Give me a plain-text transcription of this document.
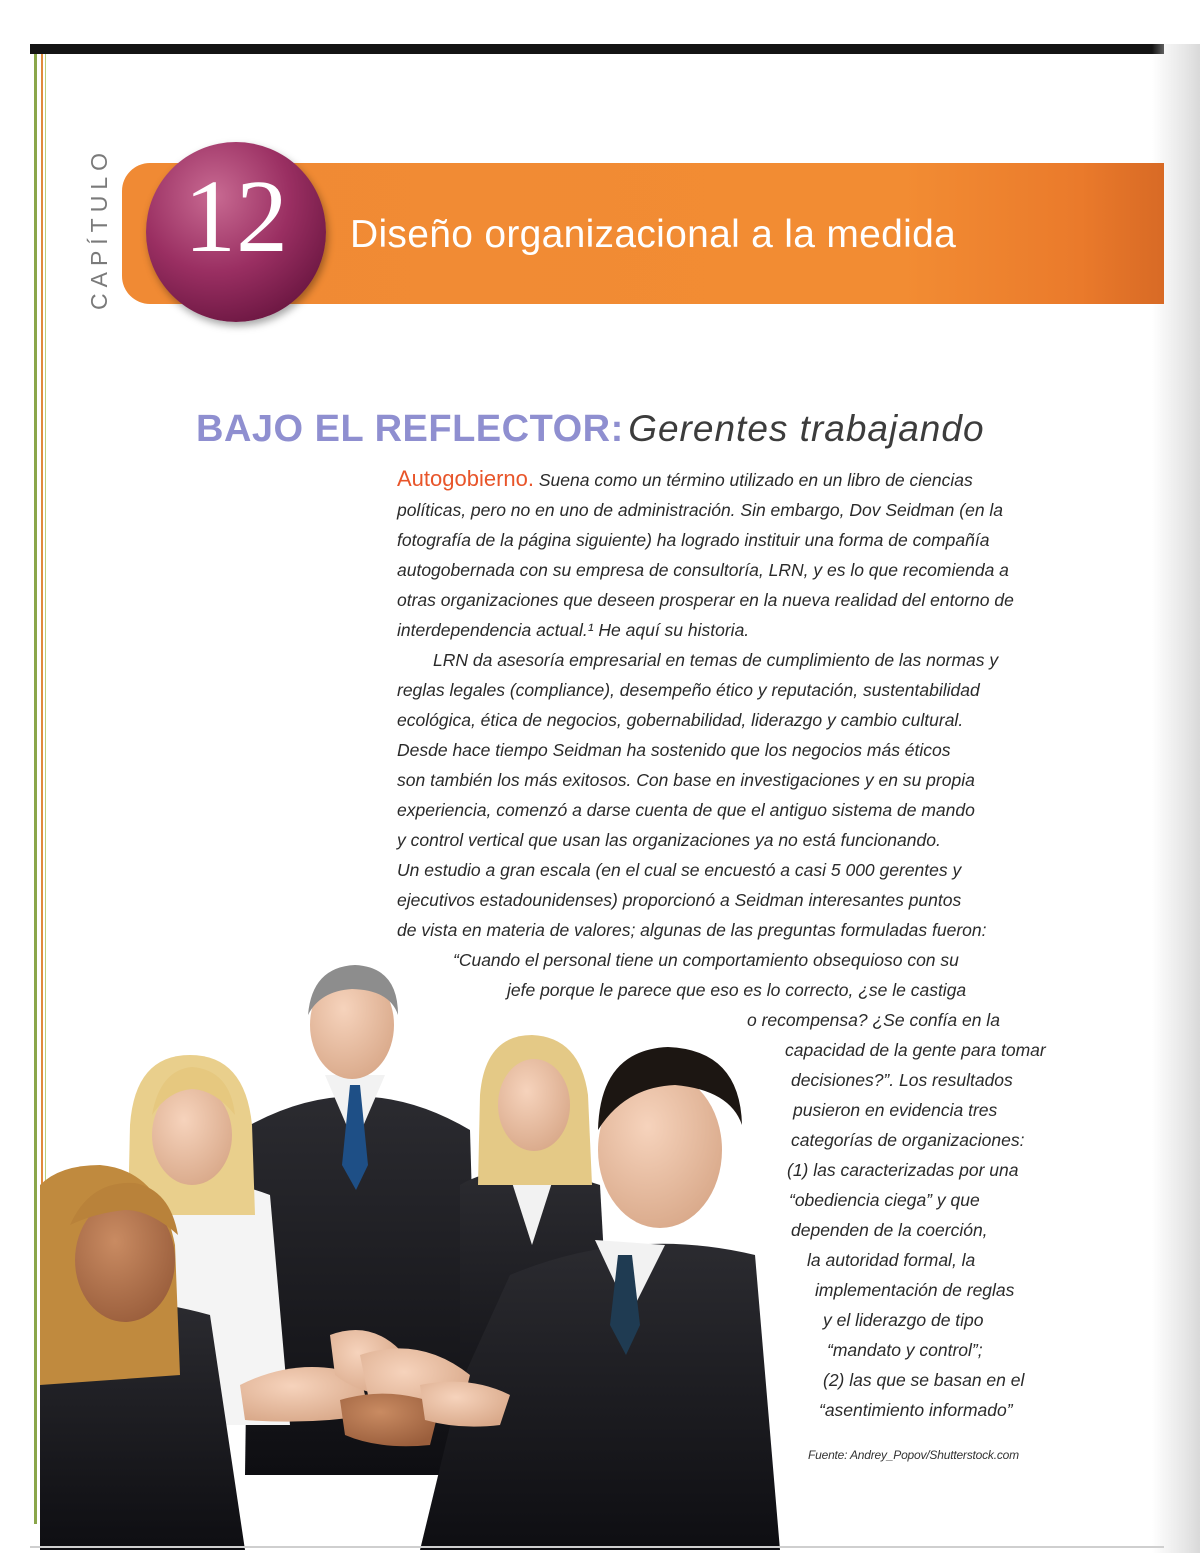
CAPÍTULO	Diseño organizacional a la medida
12
BAJO EL REFLECTOR: Gerentes trabajando

Autogobierno. Suena como un término utilizado en un libro de ciencias
políticas, pero no en uno de administración. Sin embargo, Dov Seidman (en la
fotografía de la página siguiente) ha logrado instituir una forma de compañía
autogobernada con su empresa de consultoría, LRN, y es lo que recomienda a
otras organizaciones que deseen prosperar en la nueva realidad del entorno de
interdependencia actual.¹ He aquí su historia.

LRN da asesoría empresarial en temas de cumplimiento de las normas y
reglas legales (compliance), desempeño ético y reputación, sustentabilidad
ecológica, ética de negocios, gobernabilidad, liderazgo y cambio cultural.
Desde hace tiempo Seidman ha sostenido que los negocios más éticos
son también los más exitosos. Con base en investigaciones y en su propia
experiencia, comenzó a darse cuenta de que el antiguo sistema de mando
y control vertical que usan las organizaciones ya no está funcionando.
Un estudio a gran escala (en el cual se encuestó a casi 5 000 gerentes y
ejecutivos estadounidenses) proporcionó a Seidman interesantes puntos
de vista en materia de valores; algunas de las preguntas formuladas fueron:
“Cuando el personal tiene un comportamiento obsequioso con su
jefe porque le parece que eso es lo correcto, ¿se le castiga
o recompensa? ¿Se confía en la
capacidad de la gente para tomar
decisiones?”. Los resultados
pusieron en evidencia tres
categorías de organizaciones:
(1) las caracterizadas por una
“obediencia ciega” y que
dependen de la coerción,
la autoridad formal, la
implementación de reglas
y el liderazgo de tipo
“mandato y control”;
(2) las que se basan en el
“asentimiento informado”

Fuente: Andrey_Popov/Shutterstock.com
